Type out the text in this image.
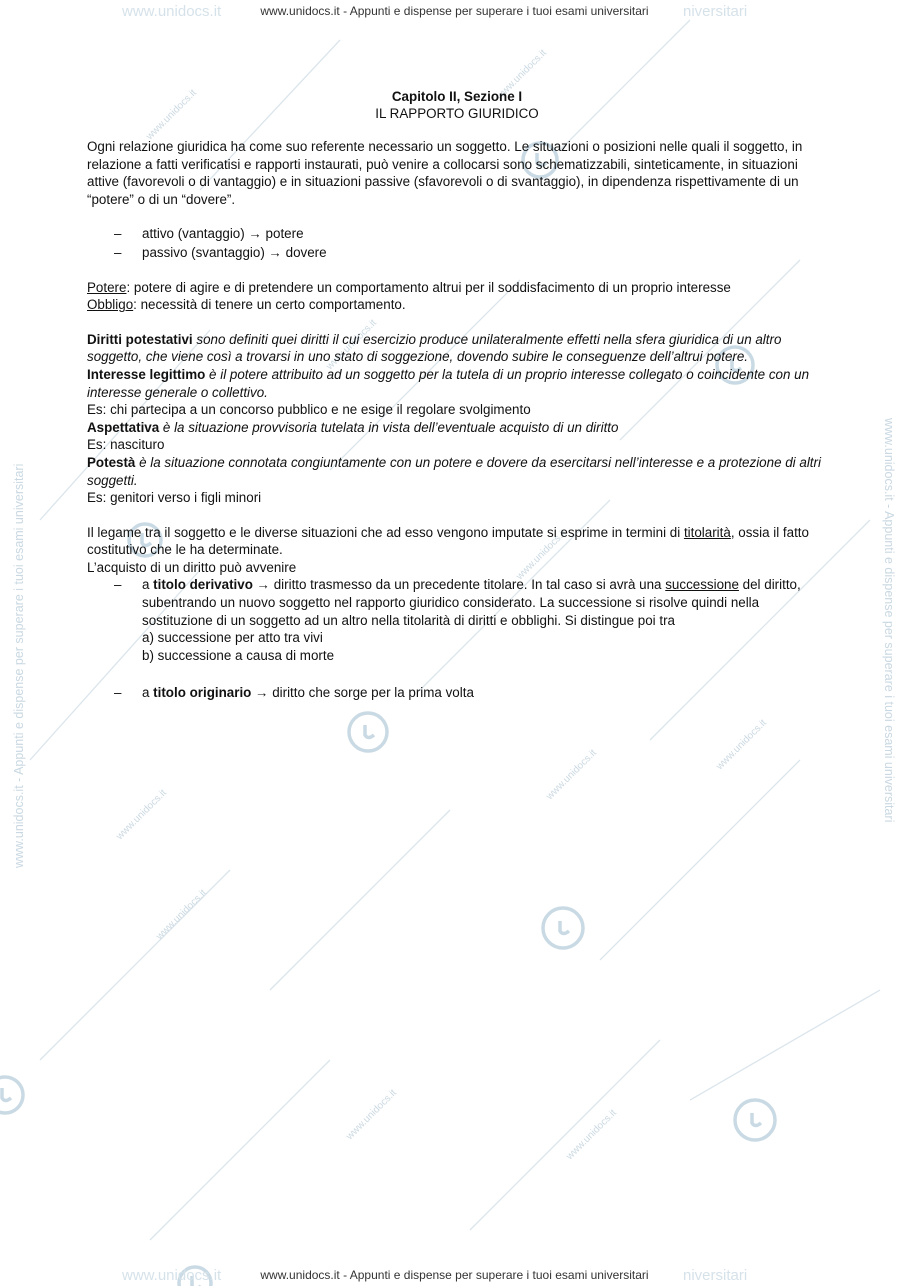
www.unidocs.it
www.unidocs.it
www.unidocs.it
www.unidocs.it
www.unidocs.it
www.unidocs.it
www.unidocs.it
www.unidocs.it
www.unidocs.it	www.unidocs.it
www.unidocs.it	www.unidocs.it - Appunti e dispense per superare i tuoi esami universitari niversitari
www.unidocs.it	www.unidocs.it - Appunti e dispense per superare i tuoi esami universitari niversitari
www.unidocs.it - Appunti e dispense per superare i tuoi esami universitari	www.unidocs.it - Appunti e dispense per superare i tuoi esami universitari
Capitolo II, Sezione I
IL RAPPORTO GIURIDICO

Ogni relazione giuridica ha come suo referente necessario un soggetto. Le situazioni o posizioni nelle quali il soggetto, in relazione a fatti verificatisi e rapporti instaurati, può venire a collocarsi sono schematizzabili, sinteticamente, in situazioni attive (favorevoli o di vantaggio) e in situazioni passive (sfavorevoli o di svantaggio), in dipendenza rispettivamente di un “potere” o di un “dovere”.

– attivo (vantaggio) → potere
– passivo (svantaggio) → dovere

Potere: potere di agire e di pretendere un comportamento altrui per il soddisfacimento di un proprio interesse

Obbligo: necessità di tenere un certo comportamento.

Diritti potestativi sono definiti quei diritti il cui esercizio produce unilateralmente effetti nella sfera giuridica di un altro soggetto, che viene così a trovarsi in uno stato di soggezione, dovendo subire le conseguenze dell’altrui potere.

Interesse legittimo è il potere attribuito ad un soggetto per la tutela di un proprio interesse collegato o coincidente con un interesse generale o collettivo.

Es: chi partecipa a un concorso pubblico e ne esige il regolare svolgimento

Aspettativa è la situazione provvisoria tutelata in vista dell’eventuale acquisto di un diritto

Es: nascituro

Potestà è la situazione connotata congiuntamente con un potere e dovere da esercitarsi nell’interesse e a protezione di altri soggetti.

Es: genitori verso i figli minori

Il legame tra il soggetto e le diverse situazioni che ad esso vengono imputate si esprime in termini di titolarità, ossia il fatto costitutivo che le ha determinate.

L’acquisto di un diritto può avvenire

– a titolo derivativo → diritto trasmesso da un precedente titolare. In tal caso si avrà una successione del diritto, subentrando un nuovo soggetto nel rapporto giuridico considerato. La successione si risolve quindi nella sostituzione di un soggetto ad un altro nella titolarità di diritti e obblighi. Si distingue poi tra
a) successione per atto tra vivi
b) successione a causa di morte
– a titolo originario → diritto che sorge per la prima volta
